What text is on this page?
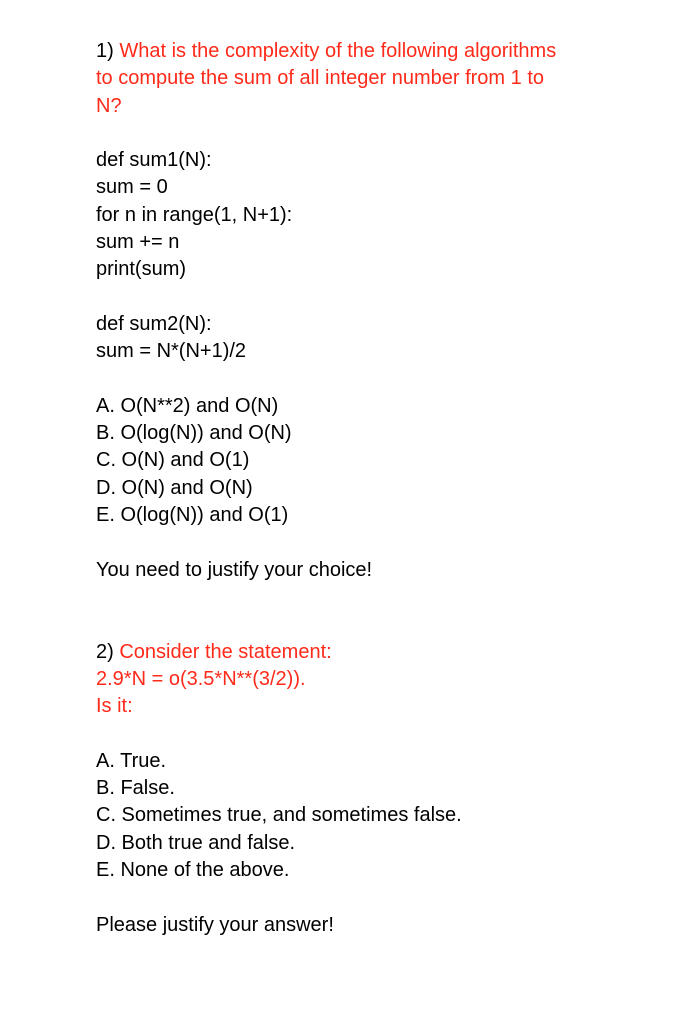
1) What is the complexity of the following algorithms
to compute the sum of all integer number from 1 to
N?
def sum1(N):
sum = 0
for n in range(1, N+1):
sum += n
print(sum)
def sum2(N):
sum = N*(N+1)/2
A. O(N**2) and O(N)
B. O(log(N)) and O(N)
C. O(N) and O(1)
D. O(N) and O(N)
E. O(log(N)) and O(1)
You need to justify your choice!
2) Consider the statement:
2.9*N = o(3.5*N**(3/2)).
Is it:
A. True.
B. False.
C. Sometimes true, and sometimes false.
D. Both true and false.
E. None of the above.
Please justify your answer!
